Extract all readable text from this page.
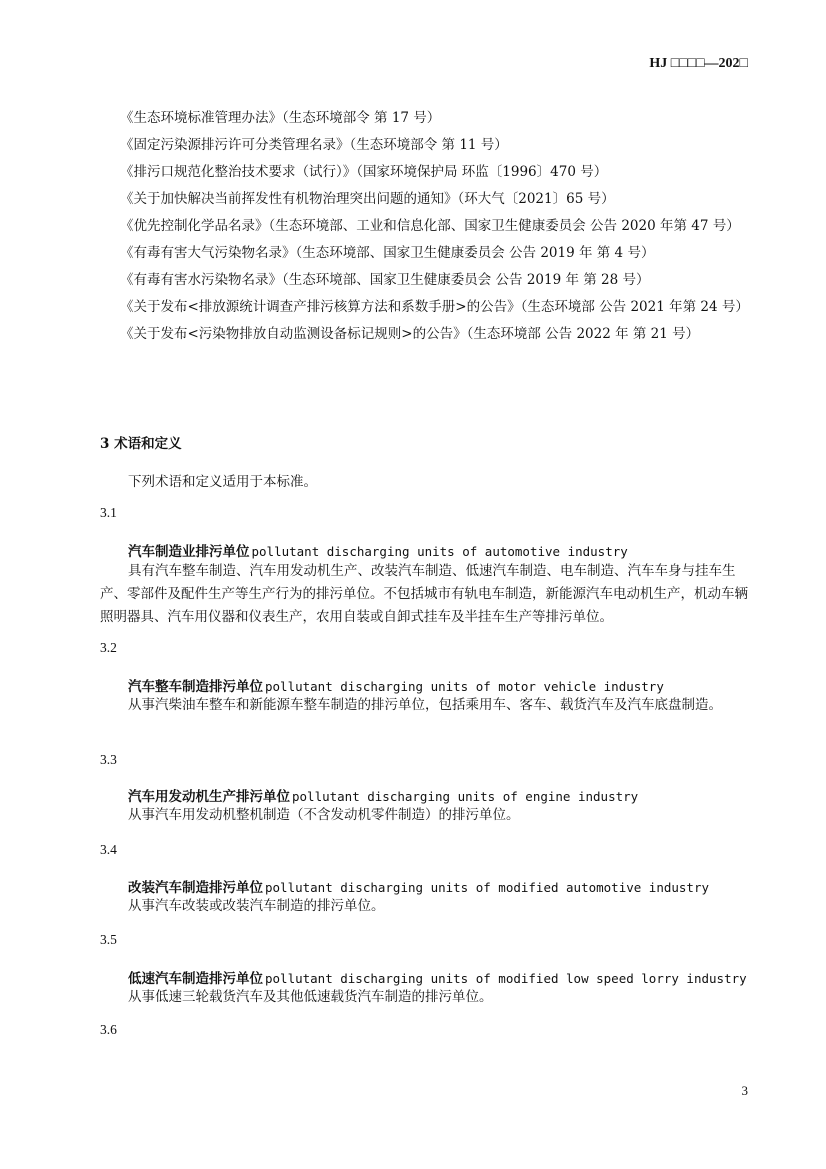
HJ □□□□—202□
《生态环境标准管理办法》（生态环境部令 第 17 号）
《固定污染源排污许可分类管理名录》（生态环境部令 第 11 号）
《排污口规范化整治技术要求（试行）》（国家环境保护局 环监〔1996〕470 号）
《关于加快解决当前挥发性有机物治理突出问题的通知》（环大气〔2021〕65 号）
《优先控制化学品名录》（生态环境部、工业和信息化部、国家卫生健康委员会 公告 2020 年第 47 号）
《有毒有害大气污染物名录》（生态环境部、国家卫生健康委员会 公告 2019 年 第 4 号）
《有毒有害水污染物名录》（生态环境部、国家卫生健康委员会 公告 2019 年 第 28 号）
《关于发布<排放源统计调查产排污核算方法和系数手册>的公告》（生态环境部 公告 2021 年第 24 号）
《关于发布<污染物排放自动监测设备标记规则>的公告》（生态环境部 公告 2022 年 第 21 号）
3 术语和定义
下列术语和定义适用于本标准。
3.1
汽车制造业排污单位 pollutant discharging units of automotive industry
具有汽车整车制造、汽车用发动机生产、改装汽车制造、低速汽车制造、电车制造、汽车车身与挂车生产、零部件及配件生产等生产行为的排污单位。不包括城市有轨电车制造，新能源汽车电动机生产，机动车辆照明器具、汽车用仪器和仪表生产，农用自装或自卸式挂车及半挂车生产等排污单位。
3.2
汽车整车制造排污单位 pollutant discharging units of motor vehicle industry
从事汽柴油车整车和新能源车整车制造的排污单位，包括乘用车、客车、载货汽车及汽车底盘制造。
3.3
汽车用发动机生产排污单位 pollutant discharging units of engine industry
从事汽车用发动机整机制造（不含发动机零件制造）的排污单位。
3.4
改装汽车制造排污单位 pollutant discharging units of modified automotive industry
从事汽车改装或改装汽车制造的排污单位。
3.5
低速汽车制造排污单位 pollutant discharging units of modified low speed lorry industry
从事低速三轮载货汽车及其他低速载货汽车制造的排污单位。
3.6
3
